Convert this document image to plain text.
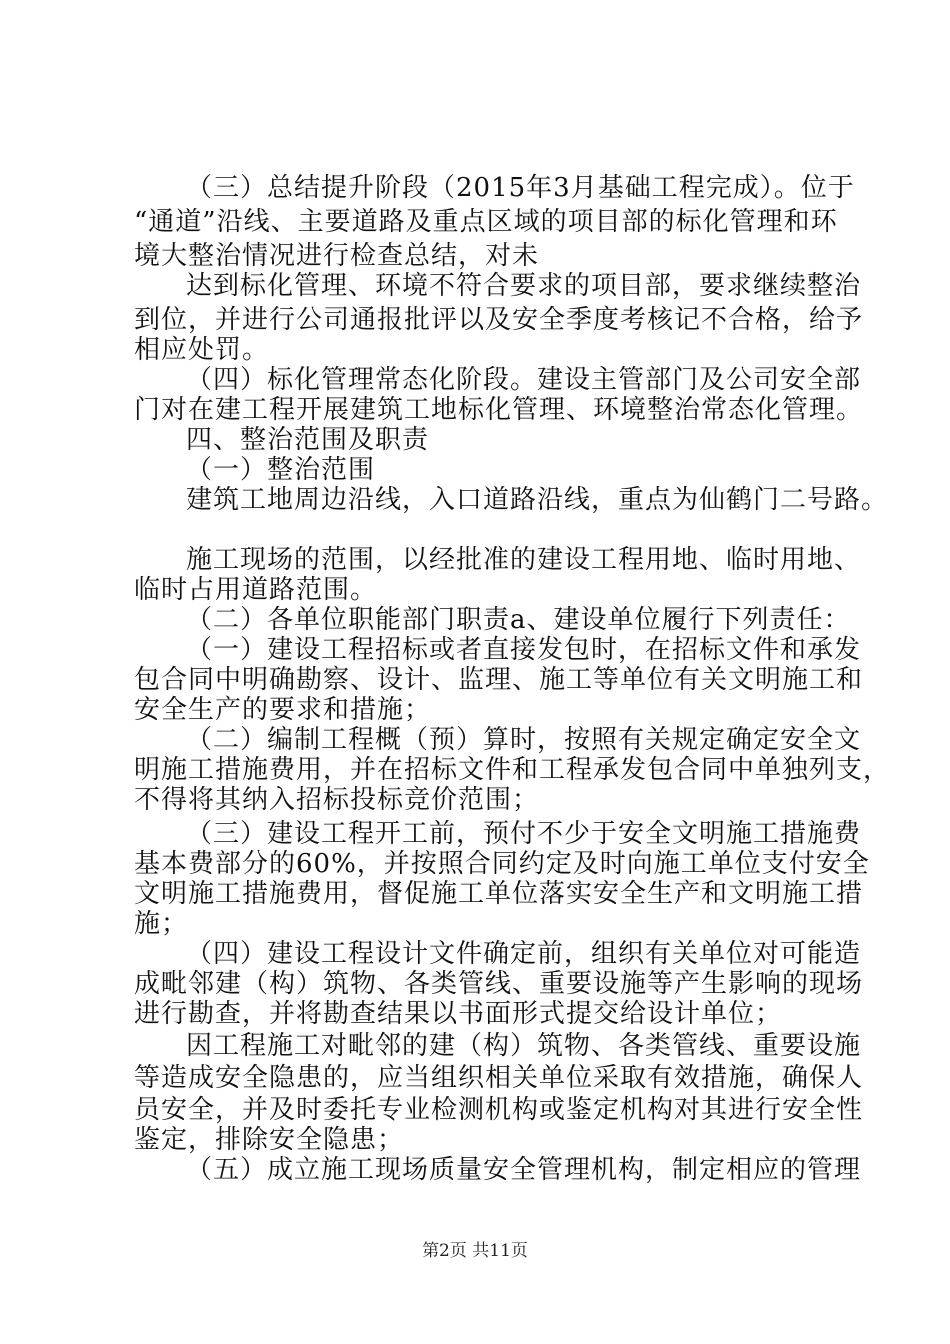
（三）总结提升阶段（2015年3月基础工程完成）。位于
“通道”沿线、主要道路及重点区域的项目部的标化管理和环
境大整治情况进行检查总结，对未
达到标化管理、环境不符合要求的项目部，要求继续整治
到位，并进行公司通报批评以及安全季度考核记不合格，给予
相应处罚。
（四）标化管理常态化阶段。建设主管部门及公司安全部
门对在建工程开展建筑工地标化管理、环境整治常态化管理。
四、整治范围及职责
（一）整治范围
建筑工地周边沿线，入口道路沿线，重点为仙鹤门二号路。
施工现场的范围，以经批准的建设工程用地、临时用地、
临时占用道路范围。
（二）各单位职能部门职责a、建设单位履行下列责任：
（一）建设工程招标或者直接发包时，在招标文件和承发
包合同中明确勘察、设计、监理、施工等单位有关文明施工和
安全生产的要求和措施；
（二）编制工程概（预）算时，按照有关规定确定安全文
明施工措施费用，并在招标文件和工程承发包合同中单独列支，
不得将其纳入招标投标竞价范围；
（三）建设工程开工前，预付不少于安全文明施工措施费
基本费部分的60%，并按照合同约定及时向施工单位支付安全
文明施工措施费用，督促施工单位落实安全生产和文明施工措
施；
（四）建设工程设计文件确定前，组织有关单位对可能造
成毗邻建（构）筑物、各类管线、重要设施等产生影响的现场
进行勘查，并将勘查结果以书面形式提交给设计单位；
因工程施工对毗邻的建（构）筑物、各类管线、重要设施
等造成安全隐患的，应当组织相关单位采取有效措施，确保人
员安全，并及时委托专业检测机构或鉴定机构对其进行安全性
鉴定，排除安全隐患；
（五）成立施工现场质量安全管理机构，制定相应的管理
第2页 共11页
